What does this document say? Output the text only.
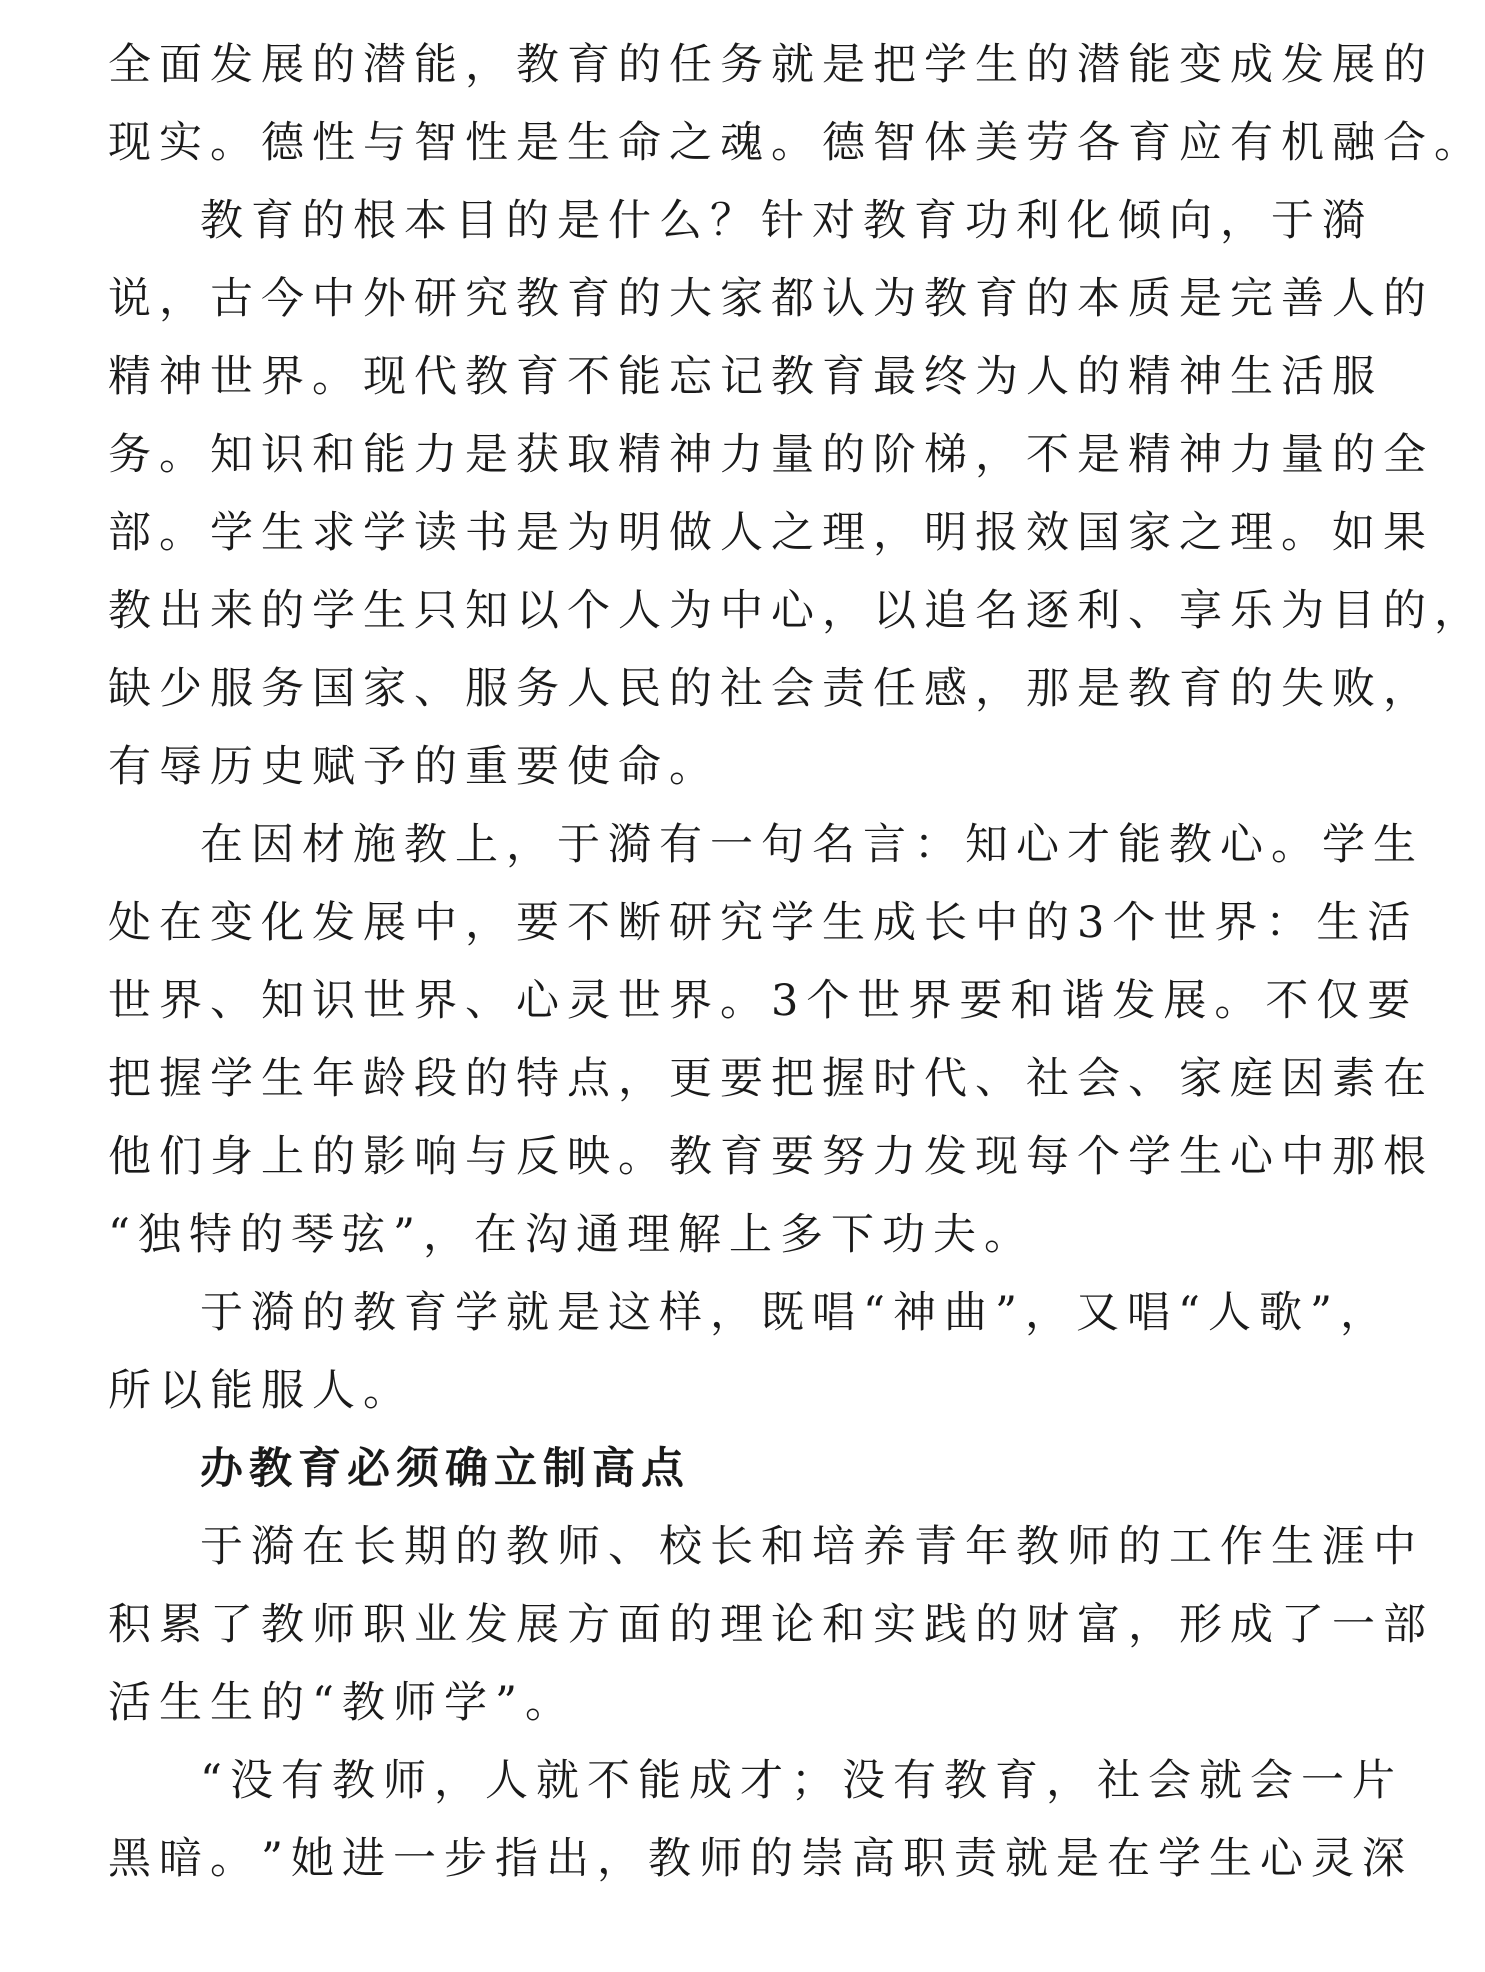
全 面 发 展 的 潜 能 ， 教 育 的 任 务 就 是 把 学 生 的 潜 能 变 成 发 展 的
现实。德性与智性是生命之魂。德智体美劳各育应有机融合。
教 育 的 根 本 目 的 是 什 么 ？ 针 对 教 育 功 利 化 倾 向 ， 于 漪
说 ， 古 今 中 外 研 究 教 育 的 大 家 都 认 为 教 育 的 本 质 是 完 善 人 的
精 神 世 界 。 现 代 教 育 不 能 忘 记 教 育 最 终 为 人 的 精 神 生 活 服
务 。 知 识 和 能 力 是 获 取 精 神 力 量 的 阶 梯 ， 不 是 精 神 力 量 的 全
部 。 学 生 求 学 读 书 是 为 明 做 人 之 理 ， 明 报 效 国 家 之 理 。 如 果
教 出 来 的 学 生 只 知 以 个 人 为 中 心 ， 以 追 名 逐 利 、 享 乐 为 目 的 ，
缺 少 服 务 国 家 、 服 务 人 民 的 社 会 责 任 感 ， 那 是 教 育 的 失 败 ，
有辱历史赋予的重要使命。
在 因 材 施 教 上 ， 于 漪 有 一 句 名 言 ： 知 心 才 能 教 心 。 学 生
处 在 变 化 发 展 中 ， 要 不 断 研 究 学 生 成 长 中 的 3 个 世 界 ： 生 活
世 界 、 知 识 世 界 、 心 灵 世 界 。 3 个 世 界 要 和 谐 发 展 。 不 仅 要
把 握 学 生 年 龄 段 的 特 点 ， 更 要 把 握 时 代 、 社 会 、 家 庭 因 素 在
他 们 身 上 的 影 响 与 反 映 。 教 育 要 努 力 发 现 每 个 学 生 心 中 那 根
“独特的琴弦”，在沟通理解上多下功夫。
于 漪 的 教 育 学 就 是 这 样 ， 既 唱 “ 神 曲 ” ， 又 唱 “ 人 歌 ” ，
所以能服人。
办教育必须确立制高点
于 漪 在 长 期 的 教 师 、 校 长 和 培 养 青 年 教 师 的 工 作 生 涯 中
积 累 了 教 师 职 业 发 展 方 面 的 理 论 和 实 践 的 财 富 ， 形 成 了 一 部
活生生的“教师学”。
“ 没 有 教 师 ， 人 就 不 能 成 才 ； 没 有 教 育 ， 社 会 就 会 一 片
黑 暗 。 ” 她 进 一 步 指 出 ， 教 师 的 崇 高 职 责 就 是 在 学 生 心 灵 深
